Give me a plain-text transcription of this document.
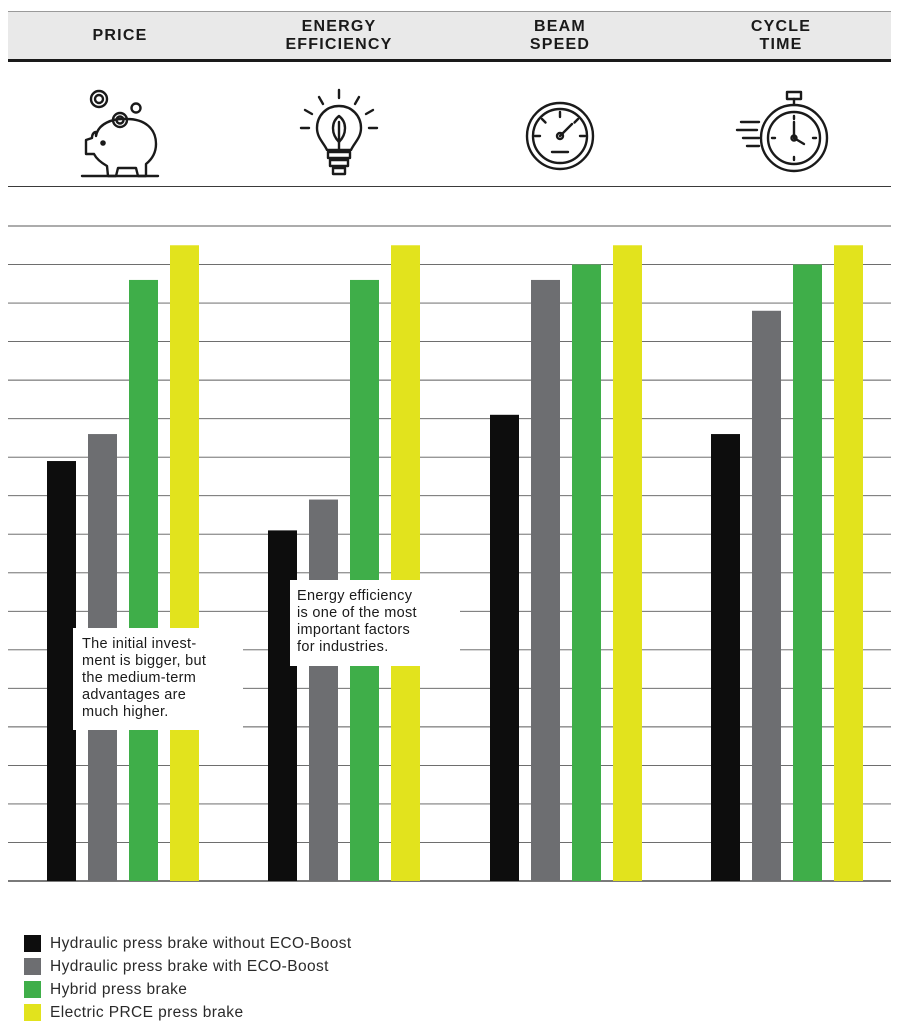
PRICE
ENERGY
EFFICIENCY
BEAM
SPEED
CYCLE
TIME
The initial invest-
ment is bigger, but
the medium-term
advantages are
much higher.
Energy efficiency
is one of the most
important factors
for industries.
Hydraulic press brake without ECO-Boost
Hydraulic press brake with ECO-Boost
Hybrid press brake
Electric PRCE press brake
